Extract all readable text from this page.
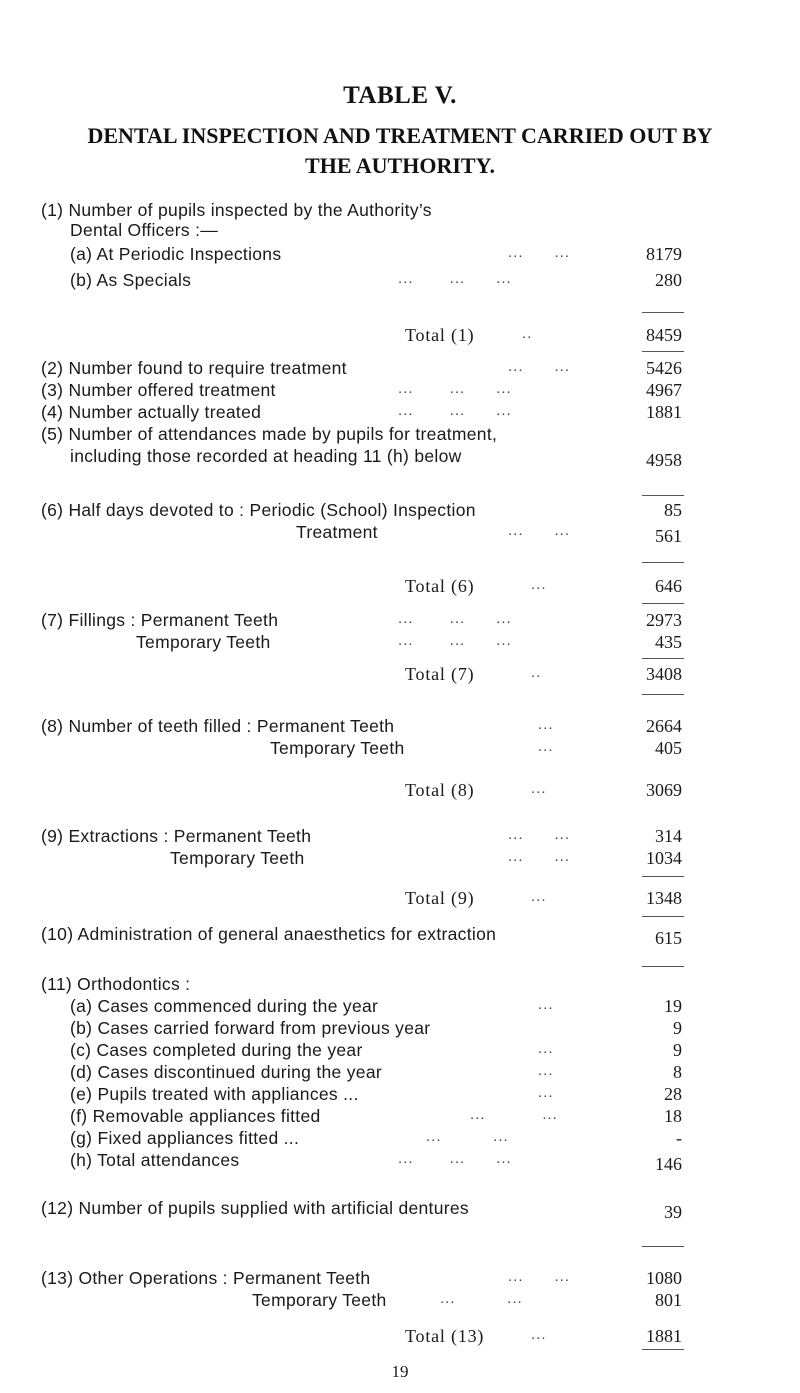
TABLE V.
DENTAL INSPECTION AND TREATMENT CARRIED OUT BY
THE AUTHORITY.
(1) Number of pupils inspected by the Authority’s
Dental Officers :—
(a) At Periodic Inspections	...      ...	8179
(b) As Specials	...       ...      ...	280
Total (1)	..	8459
(2) Number found to require treatment	...      ...	5426
(3) Number offered treatment	...       ...      ...	4967
(4) Number actually treated	...       ...      ...	1881
(5) Number of attendances made by pupils for treatment,
including those recorded at heading 11 (h) below	4958
(6) Half days devoted to : Periodic (School) Inspection	85
Treatment	...      ...	561
Total (6)	...	646
(7) Fillings : Permanent Teeth	...       ...      ...	2973
Temporary Teeth	...       ...      ...	435
Total (7)	..	3408
(8) Number of teeth filled : Permanent Teeth	...	2664
Temporary Teeth	...	405
Total (8)	...	3069
(9) Extractions : Permanent Teeth	...      ...	314
Temporary Teeth	...      ...	1034
Total (9)	...	1348
(10) Administration of general anaesthetics for extraction	615
(11) Orthodontics :
(a) Cases commenced during the year	...	19
(b) Cases carried forward from previous year	9
(c) Cases completed during the year	...	9
(d) Cases discontinued during the year	...	8
(e) Pupils treated with appliances ...	...	28
(f) Removable appliances fitted	...           ...	18
(g) Fixed appliances fitted ...	...          ...	-
(h) Total attendances	...       ...      ...	146
(12) Number of pupils supplied with artificial dentures	39
(13) Other Operations : Permanent Teeth	...      ...	1080
Temporary Teeth	...          ...	801
Total (13)	...	1881
19
